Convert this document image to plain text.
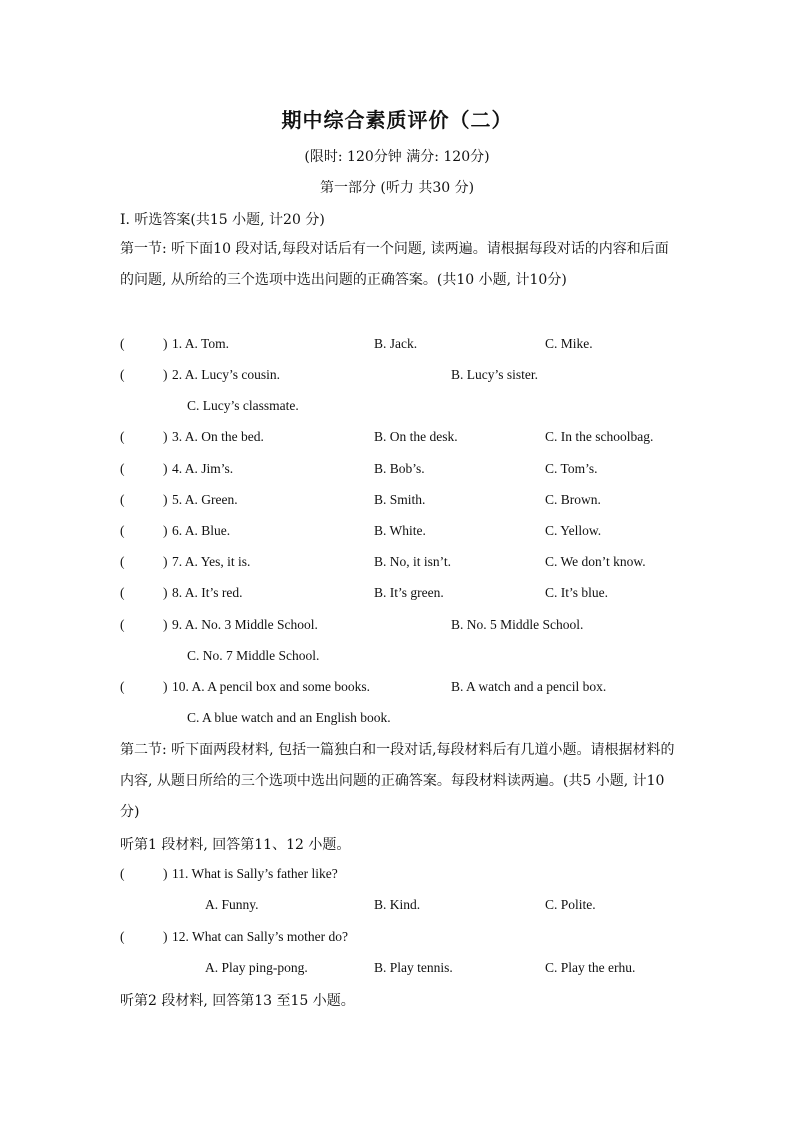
期中综合素质评价（二）
(限时: 120分钟 满分: 120分)
第一部分 (听力 共30 分)
I. 听选答案(共15 小题, 计20 分)
第一节: 听下面10 段对话,每段对话后有一个问题, 读两遍。请根据每段对话的内容和后面的问题, 从所给的三个选项中选出问题的正确答案。(共10 小题, 计10分)
(	) 1. A. Tom.	B. Jack.	C. Mike.
(	) 2. A. Lucy’s cousin.	B. Lucy’s sister.
C. Lucy’s classmate.
(	) 3. A. On the bed.	B. On the desk.	C. In the schoolbag.
(	) 4. A. Jim’s.	B. Bob’s.	C. Tom’s.
(	) 5. A. Green.	B. Smith.	C. Brown.
(	) 6. A. Blue.	B. White.	C. Yellow.
(	) 7. A. Yes, it is.	B. No, it isn’t.	C. We don’t know.
(	) 8. A. It’s red.	B. It’s green.	C. It’s blue.
(	) 9. A. No. 3 Middle School.	B. No. 5 Middle School.
C. No. 7 Middle School.
(	) 10. A. A pencil box and some books.	B. A watch and a pencil box.
C. A blue watch and an English book.
第二节: 听下面两段材料, 包括一篇独白和一段对话,每段材料后有几道小题。请根据材料的内容, 从题日所给的三个选项中选出问题的正确答案。每段材料读两遍。(共5 小题, 计10 分)
听第1 段材料, 回答第11、12 小题。
(	) 11. What is Sally’s father like?
A. Funny.	B. Kind.	C. Polite.
(	) 12. What can Sally’s mother do?
A. Play ping-pong.	B. Play tennis.	C. Play the erhu.
听第2 段材料, 回答第13 至15 小题。
